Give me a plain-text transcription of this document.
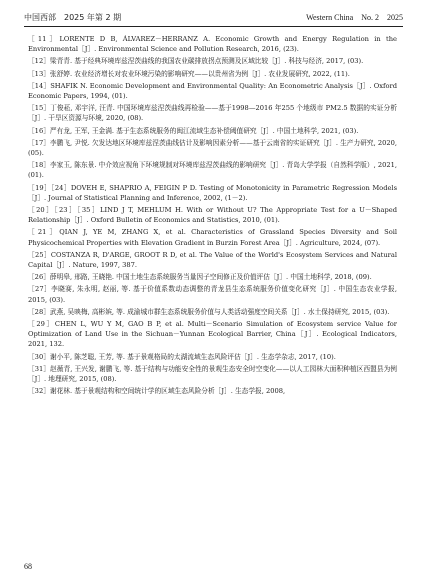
中国西部　2025 年第 2 期	Western China　No. 2　2025

［11］LORENTE D B, ÁLVAREZ－HERRANZ A. Economic Growth and Energy Regulation in the Environmental［J］. Environmental Science and Pollution Research, 2016, (23).

［12］梁青青. 基于经典环境库兹涅茨曲线的我国农业碳排放拐点预测及区域比较［J］. 科技与经济, 2017, (03).

［13］张舒婷. 农业经济增长对农业环境污染的影响研究——以贵州省为例［J］. 农业发展研究, 2022, (11).

［14］SHAFIK N. Economic Development and Environmental Quality: An Econometric Analysis［J］. Oxford Economic Papers, 1994, (01).

［15］丁俊菘, 邓宇洋, 汪青. 中国环境库兹涅茨曲线再检验——基于1998—2016 年255 个地级市 PM2.5 数据的实证分析［J］. 干旱区资源与环境, 2020, (08).

［16］严有龙, 王军, 王金满. 基于生态系统服务的闽江流域生态补偿阈值研究［J］. 中国土地科学, 2021, (03).

［17］李鹏飞, 尹悦. 欠发达地区环境库兹涅茨曲线估计及影响因素分析——基于云南省的实证研究［J］. 生产力研究, 2020, (05).

［18］李家玉, 陈东景. 中介效应视角下环境规制对环境库兹涅茨曲线的影响研究［J］. 青岛大学学报（自然科学版）, 2021, (01).

［19］［24］DOVEH E, SHAPRIO A, FEIGIN P D. Testing of Monotonicity in Parametric Regression Models［J］. Journal of Statistical Planning and Inference, 2002, (1－2).

［20］［23］［35］LIND J T, MEHLUM H. With or Without U? The Appropriate Test for a U－Shaped Relationship［J］. Oxford Bulletin of Economics and Statistics, 2010, (01).

［21］QIAN J, YE M, ZHANG X, et al. Characteristics of Grassland Species Diversity and Soil Physicochemical Properties with Elevation Gradient in Burzin Forest Area［J］. Agriculture, 2024, (07).

［25］COSTANZA R, D'ARGE, GROOT R D, et al. The Value of the World's Ecosystem Services and Natural Capital［J］. Nature, 1997, 387.

［26］薛明皋, 邢路, 王晓艳. 中国土地生态系统服务当量因子空间修正及价值评估［J］. 中国土地科学, 2018, (09).

［27］李晓赛, 朱永明, 赵丽, 等. 基于价值系数动态调整的青龙县生态系统服务价值变化研究［J］. 中国生态农业学报, 2015, (03).

［28］武燕, 吴映梅, 高彬嫔, 等. 成渝城市群生态系统服务价值与人类活动强度空间关系［J］. 水土保持研究, 2015, (03).

［29］CHEN L, WU Y M, GAO B P, et al. Multi－Scenario Simulation of Ecosystem service Value for Optimization of Land Use in the Sichuan－Yunnan Ecological Barrier, China［J］. Ecological Indicators, 2021, 132.

［30］谢小平, 陈芝聪, 王芳, 等. 基于景观格局的太湖流域生态风险评估［J］. 生态学杂志, 2017, (10).

［31］赵薇青, 王兴发, 谢鹏飞, 等. 基于结构与功能安全性的景观生态安全时空变化——以人工园林大面积种植区西盟县为例［J］. 地理研究, 2015, (08).

［32］谢花林. 基于景观结构和空间统计学的区域生态风险分析［J］. 生态学报, 2008,

68
